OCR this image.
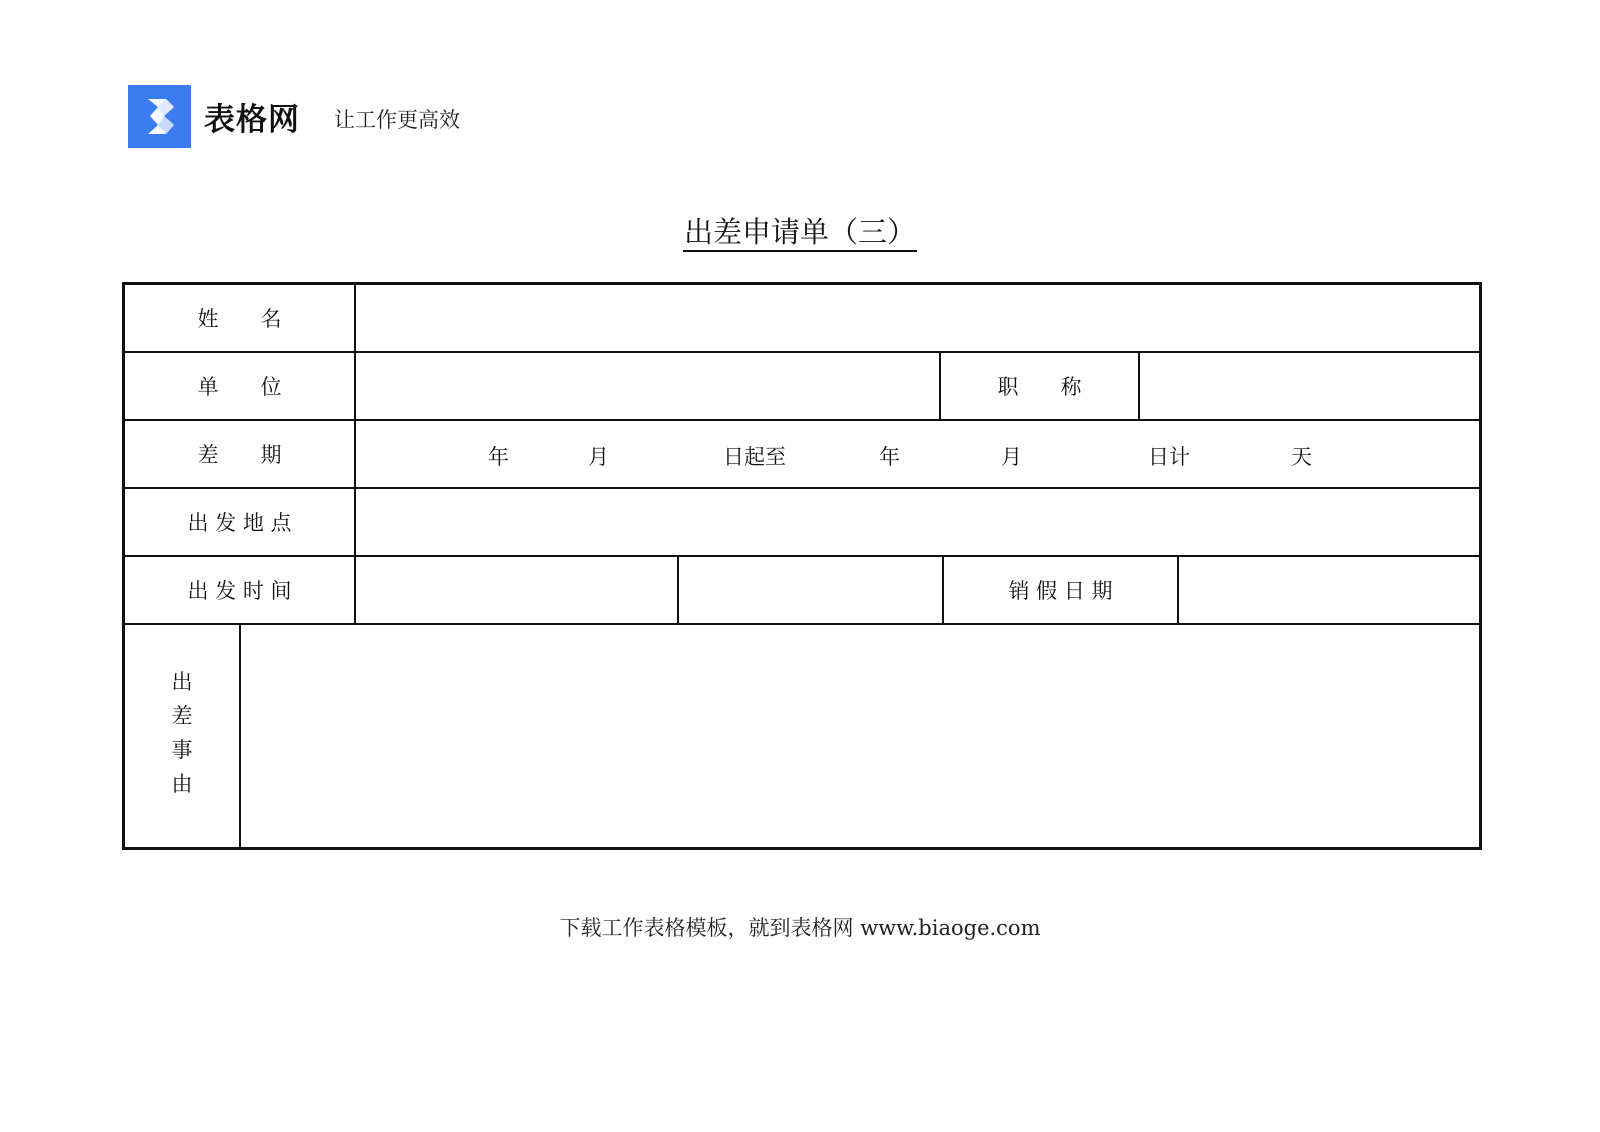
表格网 让工作更高效
出差申请单（三）
姓　　名
单　　位	职　　称
差　　期	年	月	日起至	年	月	日计	天
出 发 地 点
出 发 时 间	销 假 日 期
出
差
事
由
下载工作表格模板，就到表格网 www.biaoge.com
